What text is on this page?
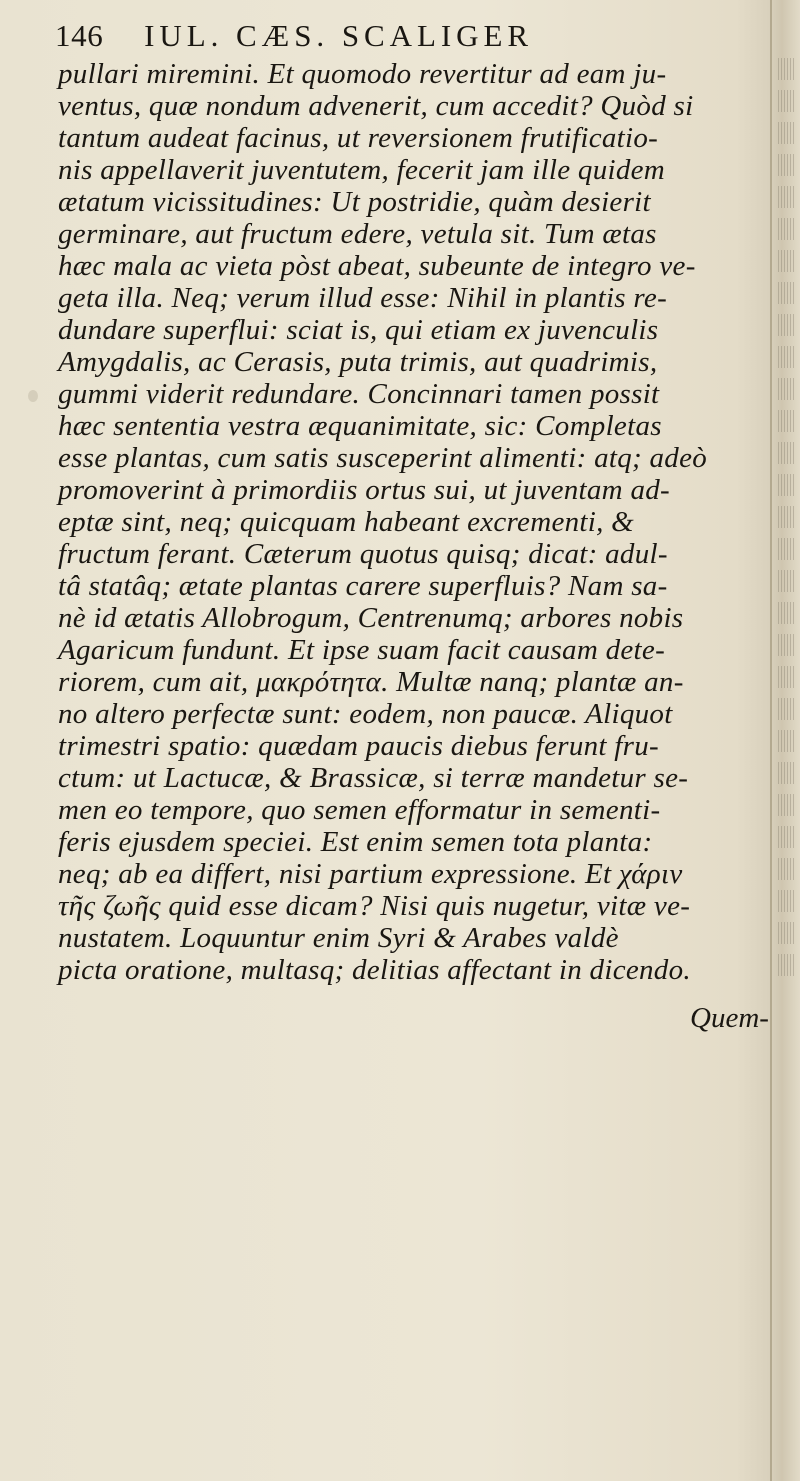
146 IUL. CÆS. SCALIGER
pullari miremini. Et quomodo revertitur ad eam ju-
ventus, quæ nondum advenerit, cum accedit? Quòd si
tantum audeat facinus, ut reversionem frutificatio-
nis appellaverit juventutem, fecerit jam ille quidem
ætatum vicissitudines: Ut postridie, quàm desierit
germinare, aut fructum edere, vetula sit. Tum ætas
hæc mala ac vieta pòst abeat, subeunte de integro ve-
geta illa. Neq; verum illud esse: Nihil in plantis re-
dundare superflui: sciat is, qui etiam ex juvenculis
Amygdalis, ac Cerasis, puta trimis, aut quadrimis,
gummi viderit redundare. Concinnari tamen possit
hæc sententia vestra æquanimitate, sic: Completas
esse plantas, cum satis susceperint alimenti: atq; adeò
promoverint à primordiis ortus sui, ut juventam ad-
eptæ sint, neq; quicquam habeant excrementi, &
fructum ferant. Cæterum quotus quisq; dicat: adul-
tâ statâq; ætate plantas carere superfluis? Nam sa-
nè id ætatis Allobrogum, Centrenumq; arbores nobis
Agaricum fundunt. Et ipse suam facit causam dete-
riorem, cum ait, μακρότητα. Multæ nanq; plantæ an-
no altero perfectæ sunt: eodem, non paucæ. Aliquot
trimestri spatio: quædam paucis diebus ferunt fru-
ctum: ut Lactucæ, & Brassicæ, si terræ mandetur se-
men eo tempore, quo semen efformatur in sementi-
feris ejusdem speciei. Est enim semen tota planta:
neq; ab ea differt, nisi partium expressione. Et χάριν
τῆς ζωῆς quid esse dicam? Nisi quis nugetur, vitæ ve-
nustatem. Loquuntur enim Syri & Arabes valdè
picta oratione, multasq; delitias affectant in dicendo.
Quem-
